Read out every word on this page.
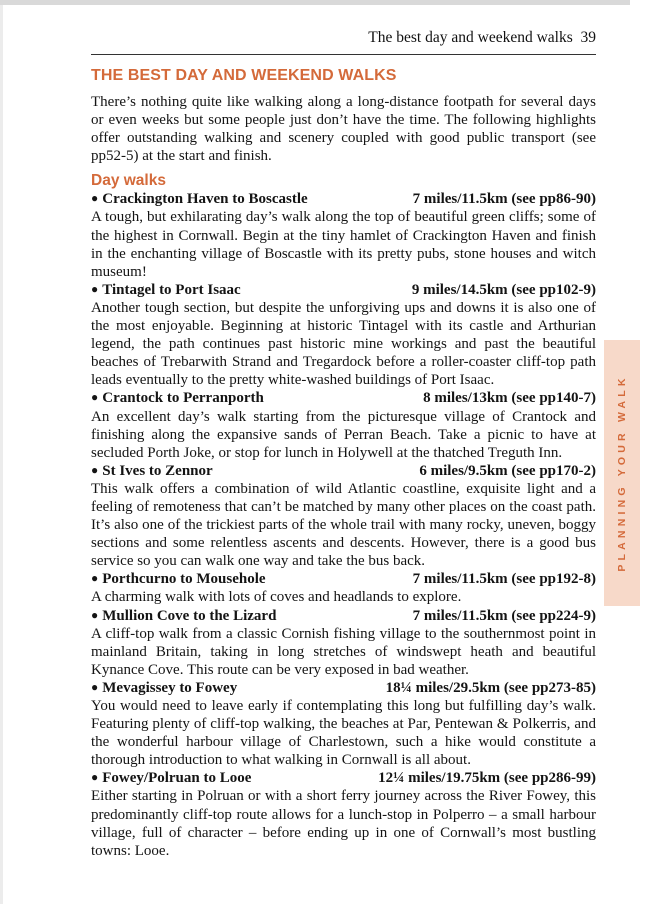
The best day and weekend walks 39
THE BEST DAY AND WEEKEND WALKS

There’s nothing quite like walking along a long-distance footpath for several days or even weeks but some people just don’t have the time. The following highlights offer outstanding walking and scenery coupled with good public transport (see pp52-5) at the start and finish.

Day walks
● Crackington Haven to Boscastle	7 miles/11.5km (see pp86-90)

A tough, but exhilarating day’s walk along the top of beautiful green cliffs; some of the highest in Cornwall. Begin at the tiny hamlet of Crackington Haven and finish in the enchanting village of Boscastle with its pretty pubs, stone houses and witch museum!

● Tintagel to Port Isaac	9 miles/14.5km (see pp102-9)

Another tough section, but despite the unforgiving ups and downs it is also one of the most enjoyable. Beginning at historic Tintagel with its castle and Arthurian legend, the path continues past historic mine workings and past the beautiful beaches of Trebarwith Strand and Tregardock before a roller-coaster cliff-top path leads eventually to the pretty white-washed buildings of Port Isaac.

● Crantock to Perranporth	8 miles/13km (see pp140-7)

An excellent day’s walk starting from the picturesque village of Crantock and finishing along the expansive sands of Perran Beach. Take a picnic to have at secluded Porth Joke, or stop for lunch in Holywell at the thatched Treguth Inn.

● St Ives to Zennor	6 miles/9.5km (see pp170-2)

This walk offers a combination of wild Atlantic coastline, exquisite light and a feeling of remoteness that can’t be matched by many other places on the coast path. It’s also one of the trickiest parts of the whole trail with many rocky, uneven, boggy sections and some relentless ascents and descents. However, there is a good bus service so you can walk one way and take the bus back.

● Porthcurno to Mousehole	7 miles/11.5km (see pp192-8)

A charming walk with lots of coves and headlands to explore.

● Mullion Cove to the Lizard	7 miles/11.5km (see pp224-9)

A cliff-top walk from a classic Cornish fishing village to the southernmost point in mainland Britain, taking in long stretches of windswept heath and beautiful Kynance Cove. This route can be very exposed in bad weather.

● Mevagissey to Fowey	18¼ miles/29.5km (see pp273-85)

You would need to leave early if contemplating this long but fulfilling day’s walk. Featuring plenty of cliff-top walking, the beaches at Par, Pentewan & Polkerris, and the wonderful harbour village of Charlestown, such a hike would constitute a thorough introduction to what walking in Cornwall is all about.

● Fowey/Polruan to Looe	12¼ miles/19.75km (see pp286-99)

Either starting in Polruan or with a short ferry journey across the River Fowey, this predominantly cliff-top route allows for a lunch-stop in Polperro – a small harbour village, full of character – before ending up in one of Cornwall’s most bustling towns: Looe.

PLANNING YOUR WALK
